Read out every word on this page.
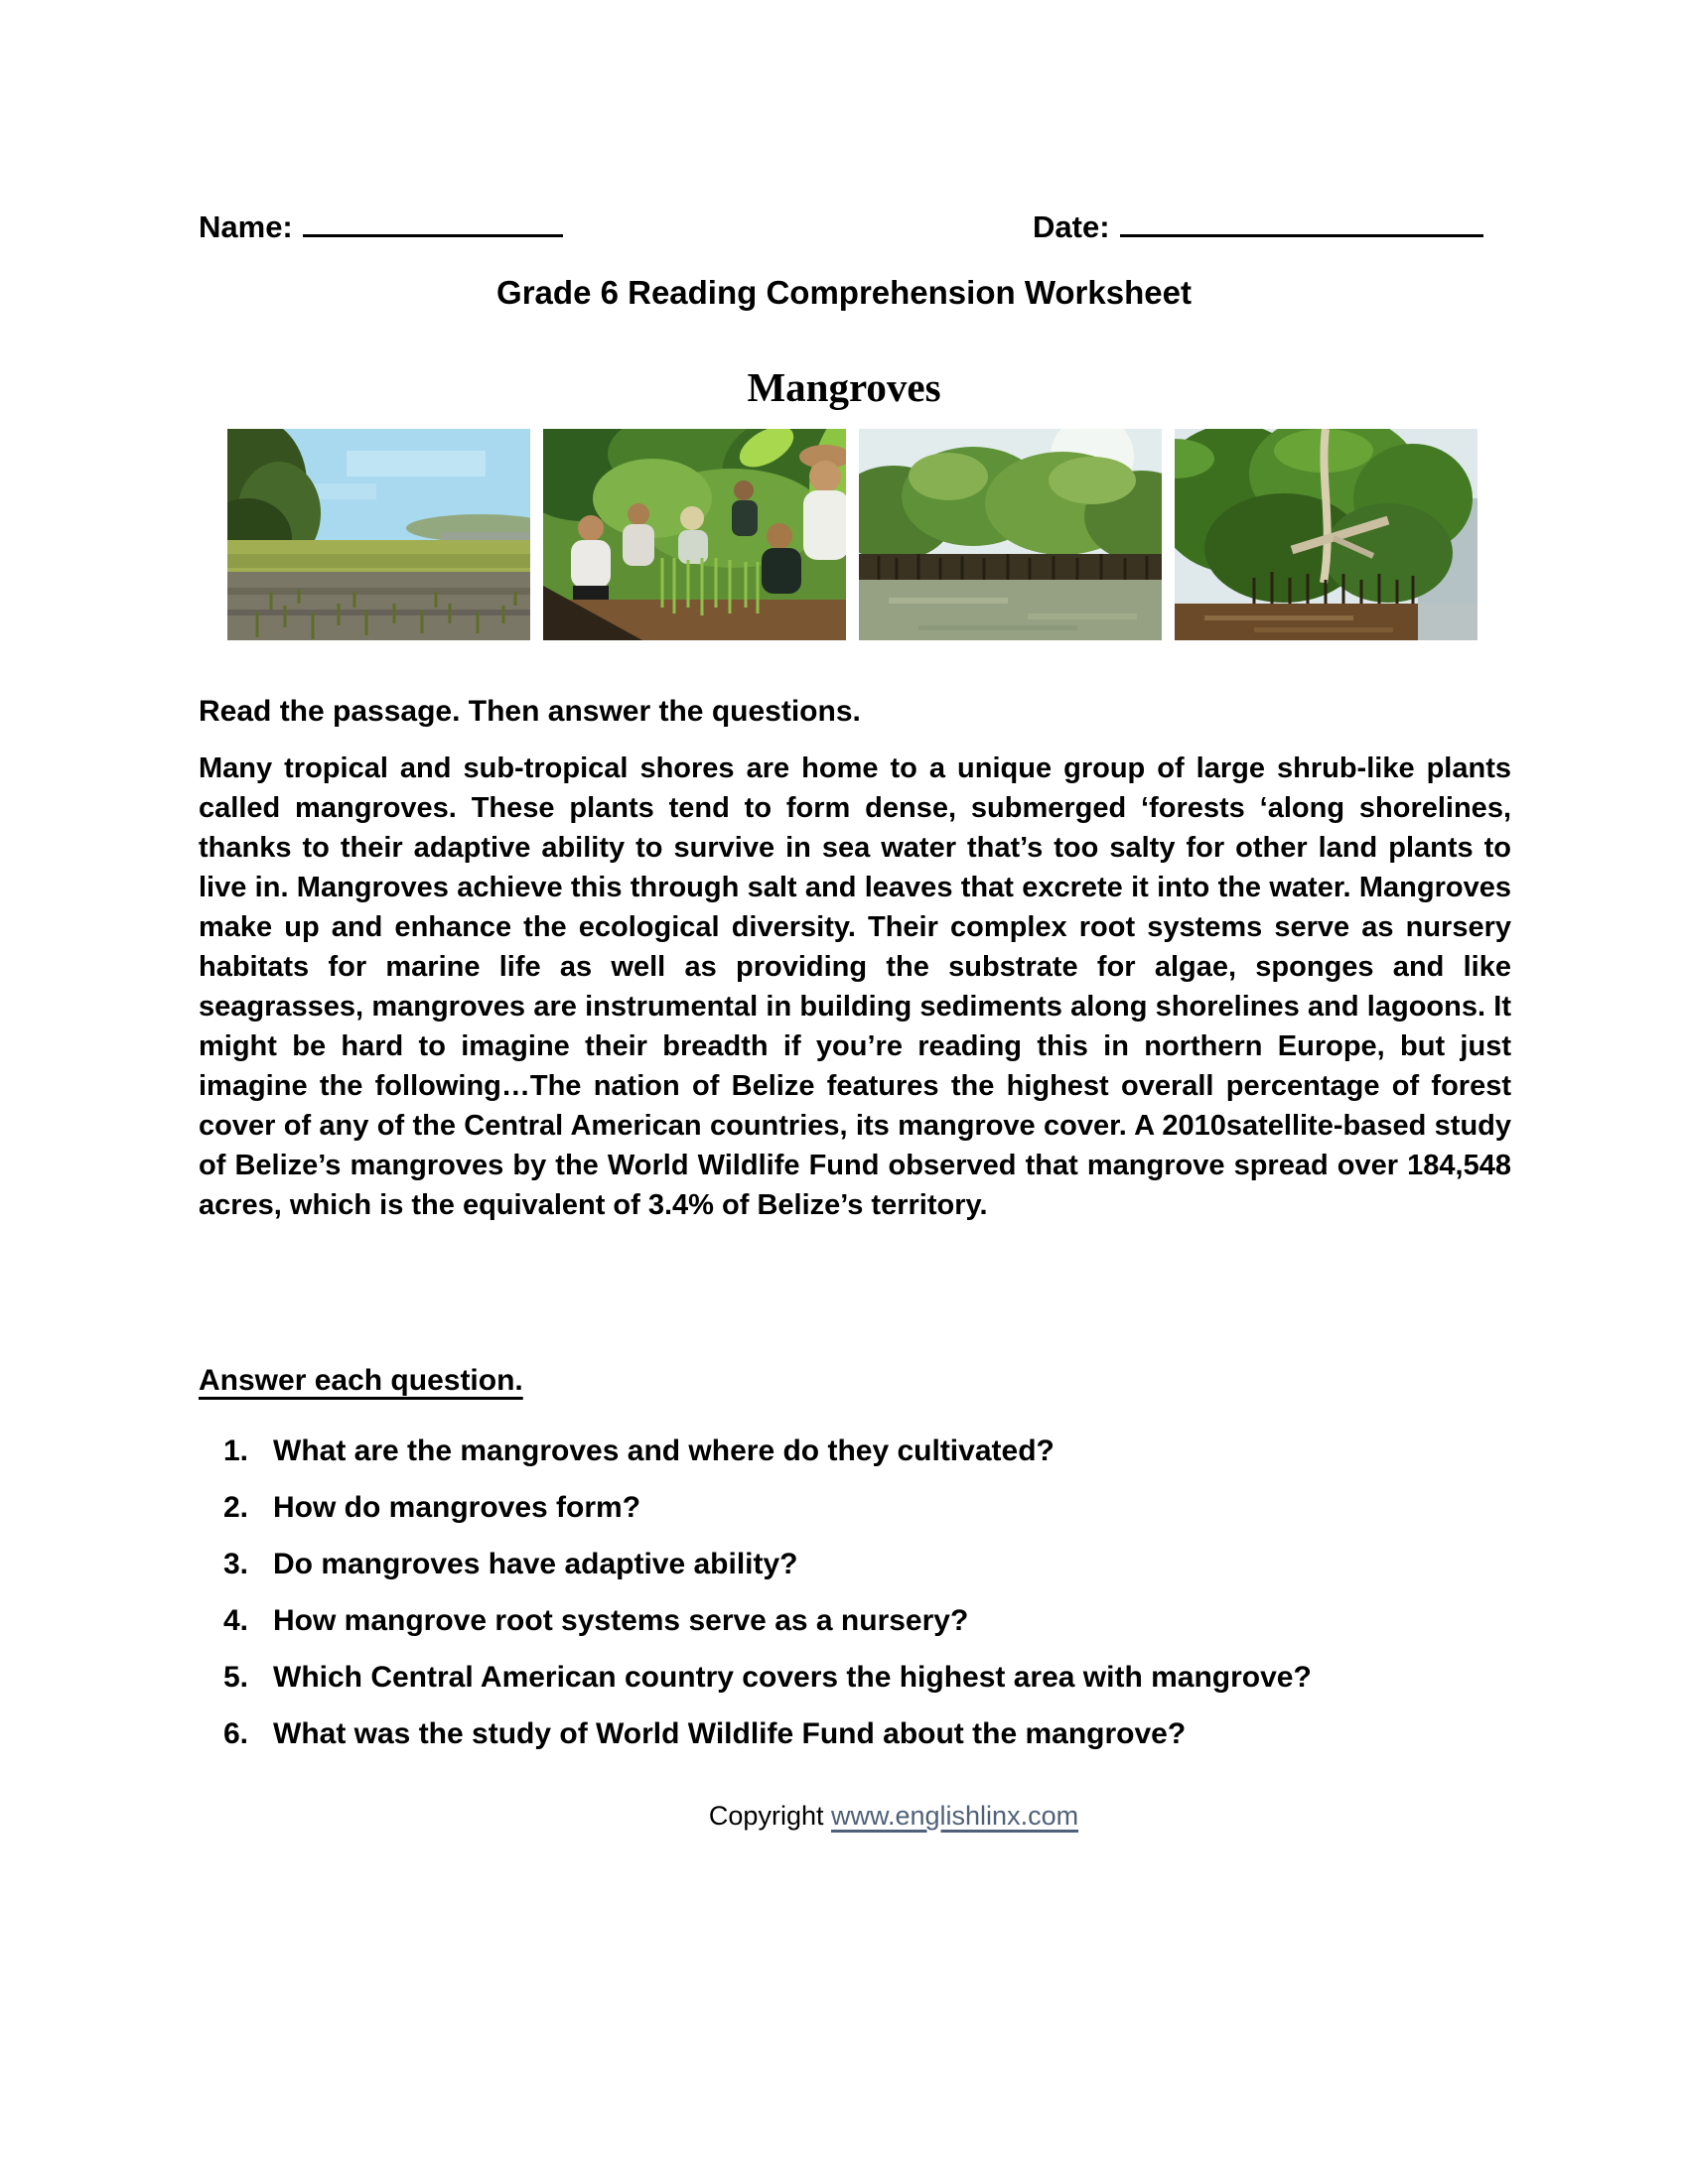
Name:	Date:
Grade 6 Reading Comprehension Worksheet
Mangroves
Read the passage. Then answer the questions.
Many tropical and sub-tropical shores are home to a unique group of large shrub-like plants called mangroves. These plants tend to form dense, submerged ‘forests ‘along shorelines, thanks to their adaptive ability to survive in sea water that’s too salty for other land plants to live in. Mangroves achieve this through salt and leaves that excrete it into the water. Mangroves make up and enhance the ecological diversity. Their complex root systems serve as nursery habitats for marine life as well as providing the substrate for algae, sponges and like seagrasses, mangroves are instrumental in building sediments along shorelines and lagoons. It might be hard to imagine their breadth if you’re reading this in northern Europe, but just imagine the following…The nation of Belize features the highest overall percentage of forest cover of any of the Central American countries, its mangrove cover. A 2010satellite-based study of Belize’s mangroves by the World Wildlife Fund observed that mangrove spread over 184,548 acres, which is the equivalent of 3.4% of Belize’s territory.
Answer each question.
1. What are the mangroves and where do they cultivated?
2. How do mangroves form?
3. Do mangroves have adaptive ability?
4. How mangrove root systems serve as a nursery?
5. Which Central American country covers the highest area with mangrove?
6. What was the study of World Wildlife Fund about the mangrove?
Copyright www.englishlinx.com
